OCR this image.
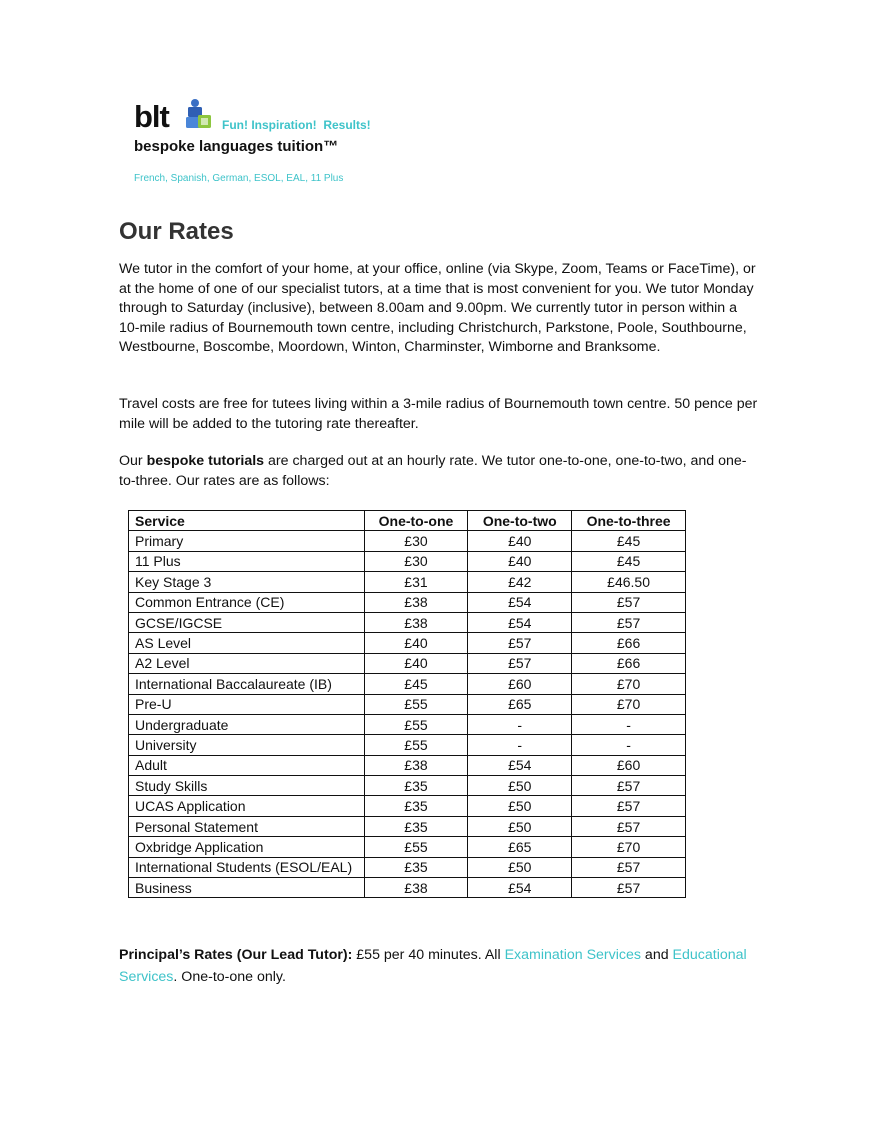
blt	Fun! Inspiration!  Results!
bespoke languages tuition™
French, Spanish, German, ESOL, EAL, 11 Plus
Our Rates

We tutor in the comfort of your home, at your office, online (via Skype, Zoom, Teams or FaceTime), or at the home of one of our specialist tutors, at a time that is most convenient for you. We tutor Monday through to Saturday (inclusive), between 8.00am and 9.00pm. We currently tutor in person within a 10-mile radius of Bournemouth town centre, including Christchurch, Parkstone, Poole, Southbourne, Westbourne, Boscombe, Moordown, Winton, Charminster, Wimborne and Branksome.

Travel costs are free for tutees living within a 3-mile radius of Bournemouth town centre. 50 pence per mile will be added to the tutoring rate thereafter.

Our bespoke tutorials are charged out at an hourly rate. We tutor one-to-one, one-to-two, and one-to-three. Our rates are as follows:

Service	One-to-one	One-to-two	One-to-three
Primary	£30	£40	£45
11 Plus	£30	£40	£45
Key Stage 3	£31	£42	£46.50
Common Entrance (CE)	£38	£54	£57
GCSE/IGCSE	£38	£54	£57
AS Level	£40	£57	£66
A2 Level	£40	£57	£66
International Baccalaureate (IB)	£45	£60	£70
Pre-U	£55	£65	£70
Undergraduate	£55	-	-
University	£55	-	-
Adult	£38	£54	£60
Study Skills	£35	£50	£57
UCAS Application	£35	£50	£57
Personal Statement	£35	£50	£57
Oxbridge Application	£55	£65	£70
International Students (ESOL/EAL)	£35	£50	£57
Business	£38	£54	£57

Principal’s Rates (Our Lead Tutor): £55 per 40 minutes. All Examination Services and Educational Services. One-to-one only.
